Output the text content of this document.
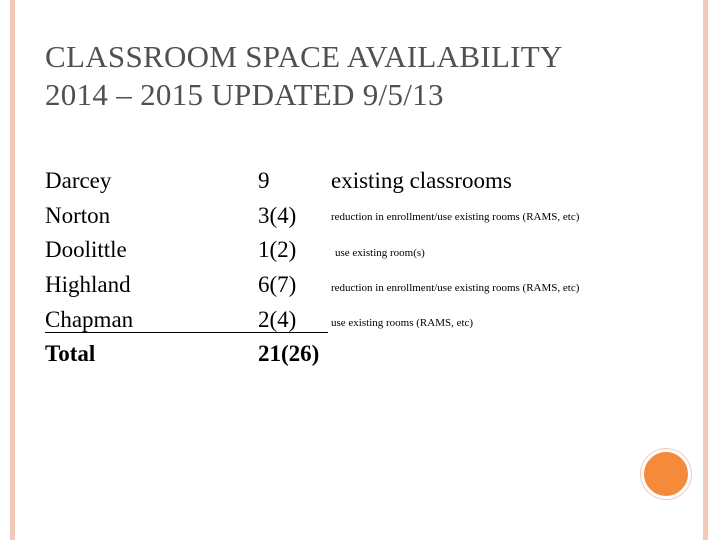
CLASSROOM SPACE AVAILABILITY
2014 – 2015 UPDATED 9/5/13
Darcey	9	existing classrooms
Norton	3(4)	reduction in enrollment/use existing rooms (RAMS, etc)
Doolittle	1(2)	use existing room(s)
Highland	6(7)	reduction in enrollment/use existing rooms (RAMS, etc)
Chapman	2(4)	use existing rooms (RAMS, etc)
Total	21(26)
